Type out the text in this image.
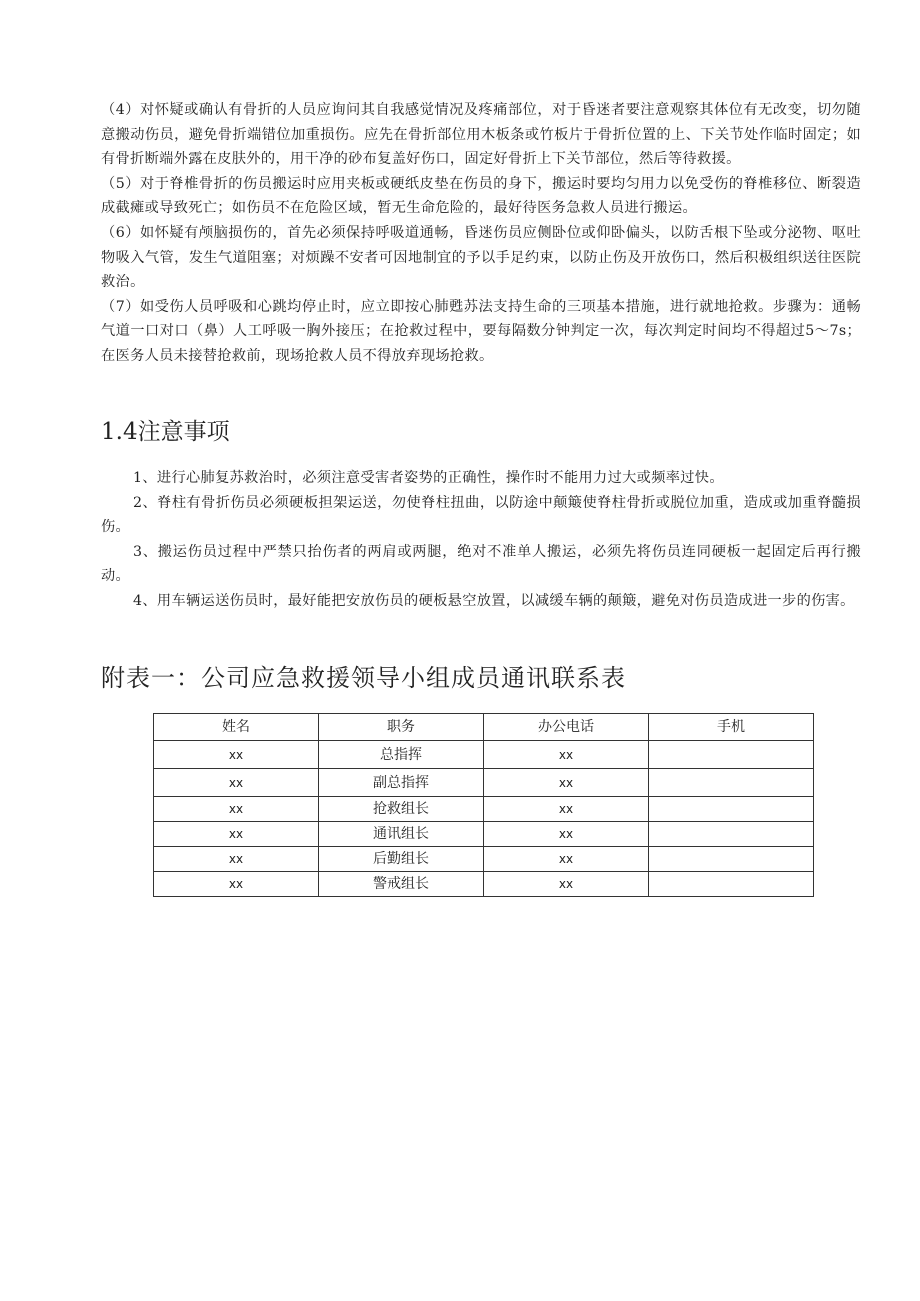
（4）对怀疑或确认有骨折的人员应询问其自我感觉情况及疼痛部位，对于昏迷者要注意观察其体位有无改变，切勿随意搬动伤员，避免骨折端错位加重损伤。应先在骨折部位用木板条或竹板片于骨折位置的上、下关节处作临时固定；如有骨折断端外露在皮肤外的，用干净的砂布复盖好伤口，固定好骨折上下关节部位，然后等待救援。

（5）对于脊椎骨折的伤员搬运时应用夹板或硬纸皮垫在伤员的身下，搬运时要均匀用力以免受伤的脊椎移位、断裂造成截瘫或导致死亡；如伤员不在危险区域，暂无生命危险的，最好待医务急救人员进行搬运。

（6）如怀疑有颅脑损伤的，首先必须保持呼吸道通畅，昏迷伤员应侧卧位或仰卧偏头，以防舌根下坠或分泌物、呕吐物吸入气管，发生气道阻塞；对烦躁不安者可因地制宜的予以手足约束，以防止伤及开放伤口，然后积极组织送往医院救治。

（7）如受伤人员呼吸和心跳均停止时，应立即按心肺甦苏法支持生命的三项基本措施，进行就地抢救。步骤为：通畅气道一口对口（鼻）人工呼吸一胸外接压；在抢救过程中，要每隔数分钟判定一次，每次判定时间均不得超过5～7s；在医务人员未接替抢救前，现场抢救人员不得放弃现场抢救。

1.4注意事项

1、进行心肺复苏救治时，必须注意受害者姿势的正确性，操作时不能用力过大或频率过快。

2、脊柱有骨折伤员必须硬板担架运送，勿使脊柱扭曲，以防途中颠簸使脊柱骨折或脱位加重，造成或加重脊髓损伤。

3、搬运伤员过程中严禁只抬伤者的两肩或两腿，绝对不准单人搬运，必须先将伤员连同硬板一起固定后再行搬动。

4、用车辆运送伤员时，最好能把安放伤员的硬板悬空放置，以减缓车辆的颠簸，避免对伤员造成进一步的伤害。

附表一：公司应急救援领导小组成员通讯联系表
姓名	职务	办公电话	手机
xx	总指挥	xx	
xx	副总指挥	xx	
xx	抢救组长	xx	
xx	通讯组长	xx	
xx	后勤组长	xx	
xx	警戒组长	xx	
